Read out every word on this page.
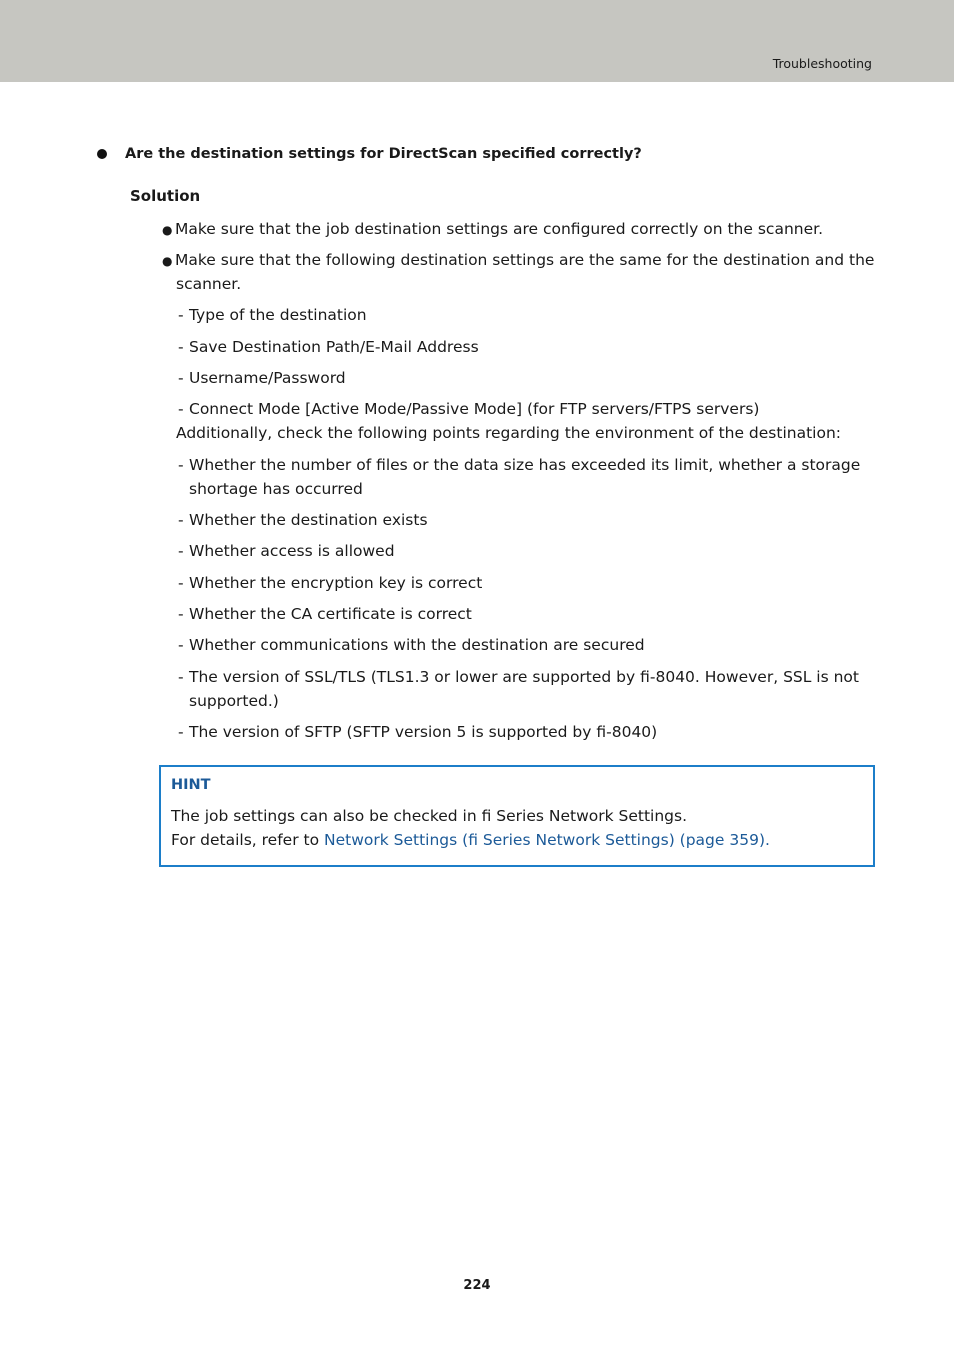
Troubleshooting
Are the destination settings for DirectScan specified correctly?
Solution
● Make sure that the job destination settings are configured correctly on the scanner.
● Make sure that the following destination settings are the same for the destination and the
scanner.
- Type of the destination
- Save Destination Path/E-Mail Address
- Username/Password
- Connect Mode [Active Mode/Passive Mode] (for FTP servers/FTPS servers)
Additionally, check the following points regarding the environment of the destination:
- Whether the number of files or the data size has exceeded its limit, whether a storage
shortage has occurred
- Whether the destination exists
- Whether access is allowed
- Whether the encryption key is correct
- Whether the CA certificate is correct
- Whether communications with the destination are secured
- The version of SSL/TLS (TLS1.3 or lower are supported by fi-8040. However, SSL is not
supported.)
- The version of SFTP (SFTP version 5 is supported by fi-8040)
HINT
The job settings can also be checked in fi Series Network Settings.
For details, refer to Network Settings (fi Series Network Settings) (page 359).
224
